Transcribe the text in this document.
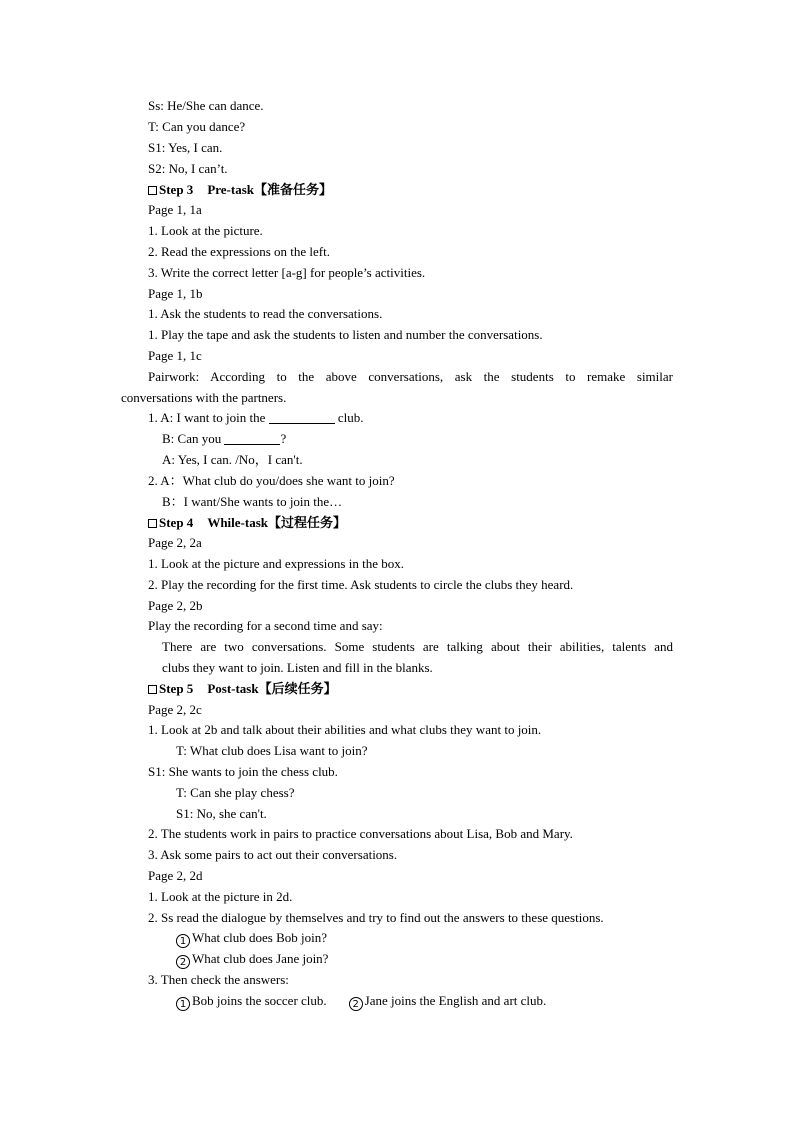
Ss: He/She can dance.
T: Can you dance?
S1: Yes, I can.
S2: No, I can’t.
Step 3 Pre-task【准备任务】
Page 1, 1a
1. Look at the picture.
2. Read the expressions on the left.
3. Write the correct letter [a-g] for people’s activities.
Page 1, 1b
1. Ask the students to read the conversations.
1. Play the tape and ask the students to listen and number the conversations.
Page 1, 1c
Pairwork: According to the above conversations, ask the students to remake similar
conversations with the partners.
1. A: I want to join the	club.
B: Can you	?
A: Yes, I can. /No，I can't.
2. A：What club do you/does she want to join?
B：I want/She wants to join the…
Step 4 While-task【过程任务】
Page 2, 2a
1. Look at the picture and expressions in the box.
2. Play the recording for the first time. Ask students to circle the clubs they heard.
Page 2, 2b
Play the recording for a second time and say:
There are two conversations. Some students are talking about their abilities, talents and
clubs they want to join. Listen and fill in the blanks.
Step 5 Post-task【后续任务】
Page 2, 2c
1. Look at 2b and talk about their abilities and what clubs they want to join.
T: What club does Lisa want to join?
S1: She wants to join the chess club.
T: Can she play chess?
S1: No, she can't.
2. The students work in pairs to practice conversations about Lisa, Bob and Mary.
3. Ask some pairs to act out their conversations.
Page 2, 2d
1. Look at the picture in 2d.
2. Ss read the dialogue by themselves and try to find out the answers to these questions.
1 What club does Bob join?
2 What club does Jane join?
3. Then check the answers:
1 Bob joins the soccer club.	2 Jane joins the English and art club.
